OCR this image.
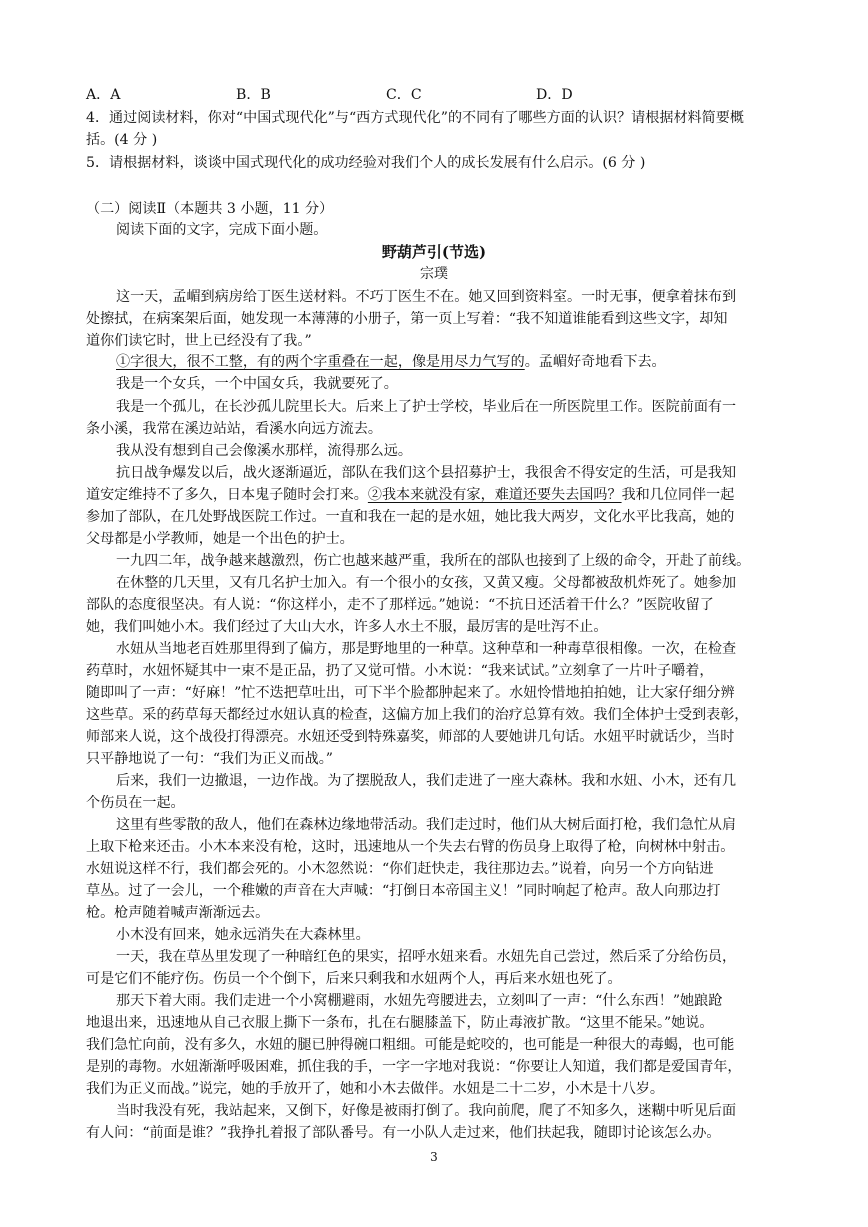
A．A	B．B	C．C	D．D
4．通过阅读材料，你对“中国式现代化”与“西方式现代化”的不同有了哪些方面的认识？请根据材料简要概
括。(4 分 )
5．请根据材料，谈谈中国式现代化的成功经验对我们个人的成长发展有什么启示。(6 分 )
（二）阅读Ⅱ（本题共 3 小题，11 分）
阅读下面的文字，完成下面小题。
野葫芦引(节选)
宗璞
这一天，孟嵋到病房给丁医生送材料。不巧丁医生不在。她又回到资料室。一时无事，便拿着抹布到
处擦拭，在病案架后面，她发现一本薄薄的小册子，第一页上写着：“我不知道谁能看到这些文字，却知
道你们读它时，世上已经没有了我。”
①字很大，很不工整，有的两个字重叠在一起，像是用尽力气写的。孟嵋好奇地看下去。
我是一个女兵，一个中国女兵，我就要死了。
我是一个孤儿，在长沙孤儿院里长大。后来上了护士学校，毕业后在一所医院里工作。医院前面有一
条小溪，我常在溪边站站，看溪水向远方流去。
我从没有想到自己会像溪水那样，流得那么远。
抗日战争爆发以后，战火逐渐逼近，部队在我们这个县招募护士，我很舍不得安定的生活，可是我知
道安定维持不了多久，日本鬼子随时会打来。②我本来就没有家，难道还要失去国吗？我和几位同伴一起
参加了部队，在几处野战医院工作过。一直和我在一起的是水妞，她比我大两岁，文化水平比我高，她的
父母都是小学教师，她是一个出色的护士。
一九四二年，战争越来越激烈，伤亡也越来越严重，我所在的部队也接到了上级的命令，开赴了前线。
在休整的几天里，又有几名护士加入。有一个很小的女孩，又黄又瘦。父母都被敌机炸死了。她参加
部队的态度很坚决。有人说：“你这样小，走不了那样远。”她说：“不抗日还活着干什么？”医院收留了
她，我们叫她小木。我们经过了大山大水，许多人水土不服，最厉害的是吐泻不止。
水妞从当地老百姓那里得到了偏方，那是野地里的一种草。这种草和一种毒草很相像。一次，在检查
药草时，水妞怀疑其中一束不是正品，扔了又觉可惜。小木说：“我来试试。”立刻拿了一片叶子嚼着，
随即叫了一声：“好麻！”忙不迭把草吐出，可下半个脸都肿起来了。水妞怜惜地拍拍她，让大家仔细分辨
这些草。采的药草每天都经过水妞认真的检查，这偏方加上我们的治疗总算有效。我们全体护士受到表彰，
师部来人说，这个战役打得漂亮。水妞还受到特殊嘉奖，师部的人要她讲几句话。水妞平时就话少，当时
只平静地说了一句：“我们为正义而战。”
后来，我们一边撤退，一边作战。为了摆脱敌人，我们走进了一座大森林。我和水妞、小木，还有几
个伤员在一起。
这里有些零散的敌人，他们在森林边缘地带活动。我们走过时，他们从大树后面打枪，我们急忙从肩
上取下枪来还击。小木本来没有枪，这时，迅速地从一个失去右臂的伤员身上取得了枪，向树林中射击。
水妞说这样不行，我们都会死的。小木忽然说：“你们赶快走，我往那边去。”说着，向另一个方向钻进
草丛。过了一会儿，一个稚嫩的声音在大声喊：“打倒日本帝国主义！”同时响起了枪声。敌人向那边打
枪。枪声随着喊声渐渐远去。
小木没有回来，她永远消失在大森林里。
一天，我在草丛里发现了一种暗红色的果实，招呼水妞来看。水妞先自己尝过，然后采了分给伤员，
可是它们不能疗伤。伤员一个个倒下，后来只剩我和水妞两个人，再后来水妞也死了。
那天下着大雨。我们走进一个小窝棚避雨，水妞先弯腰进去，立刻叫了一声：“什么东西！”她踉跄
地退出来，迅速地从自己衣服上撕下一条布，扎在右腿膝盖下，防止毒液扩散。“这里不能呆。”她说。
我们急忙向前，没有多久，水妞的腿已肿得碗口粗细。可能是蛇咬的，也可能是一种很大的毒蝎，也可能
是别的毒物。水妞渐渐呼吸困难，抓住我的手，一字一字地对我说：“你要让人知道，我们都是爱国青年，
我们为正义而战。”说完，她的手放开了，她和小木去做伴。水妞是二十二岁，小木是十八岁。
当时我没有死，我站起来，又倒下，好像是被雨打倒了。我向前爬，爬了不知多久，迷糊中听见后面
有人问：“前面是谁？”我挣扎着报了部队番号。有一小队人走过来，他们扶起我，随即讨论该怎么办。
3
